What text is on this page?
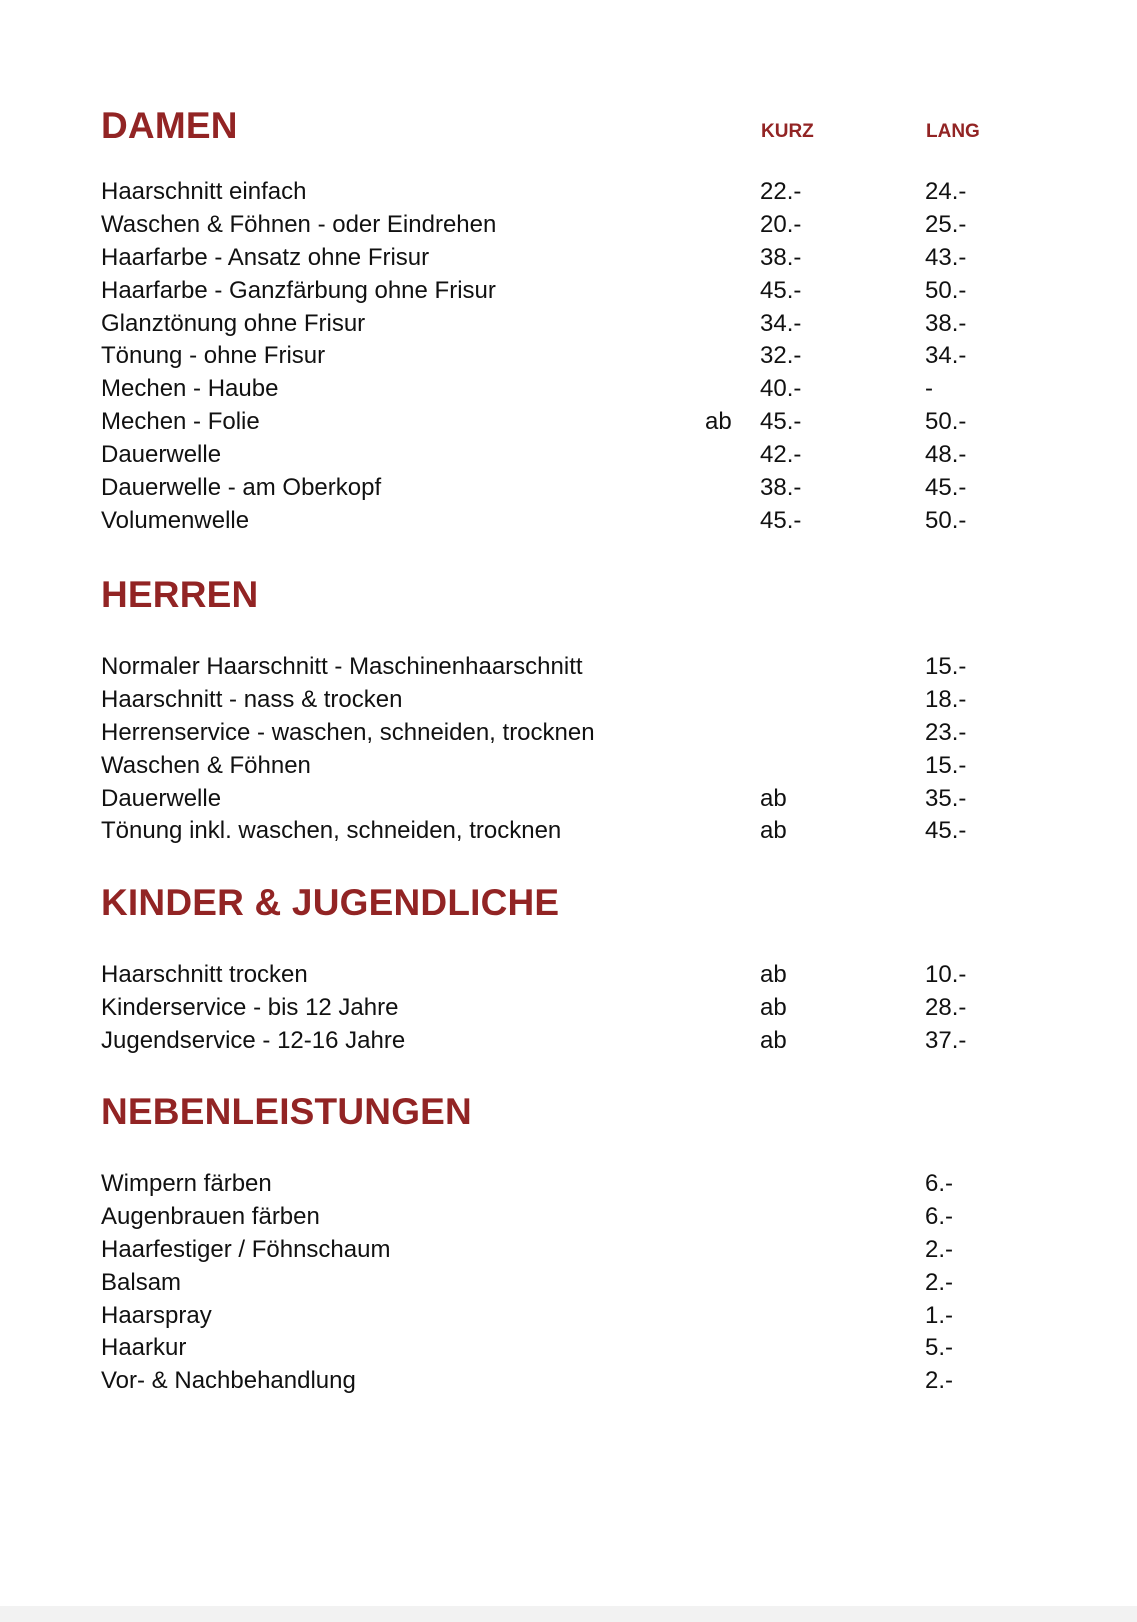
DAMEN	KURZ	LANG
Haarschnitt einfach	22.-	24.-
Waschen & Föhnen - oder Eindrehen	20.-	25.-
Haarfarbe - Ansatz ohne Frisur	38.-	43.-
Haarfarbe - Ganzfärbung ohne Frisur	45.-	50.-
Glanztönung ohne Frisur	34.-	38.-
Tönung - ohne Frisur	32.-	34.-
Mechen - Haube	40.-	-
Mechen - Folie	ab 45.-	50.-
Dauerwelle	42.-	48.-
Dauerwelle - am Oberkopf	38.-	45.-
Volumenwelle	45.-	50.-
HERREN
Normaler Haarschnitt - Maschinenhaarschnitt	15.-
Haarschnitt - nass & trocken	18.-
Herrenservice - waschen, schneiden, trocknen	23.-
Waschen & Föhnen	15.-
Dauerwelle	ab	35.-
Tönung inkl. waschen, schneiden, trocknen	ab	45.-
KINDER & JUGENDLICHE
Haarschnitt trocken	ab	10.-
Kinderservice - bis 12 Jahre	ab	28.-
Jugendservice - 12-16 Jahre	ab	37.-
NEBENLEISTUNGEN
Wimpern färben	6.-
Augenbrauen färben	6.-
Haarfestiger / Föhnschaum	2.-
Balsam	2.-
Haarspray	1.-
Haarkur	5.-
Vor- & Nachbehandlung	2.-
